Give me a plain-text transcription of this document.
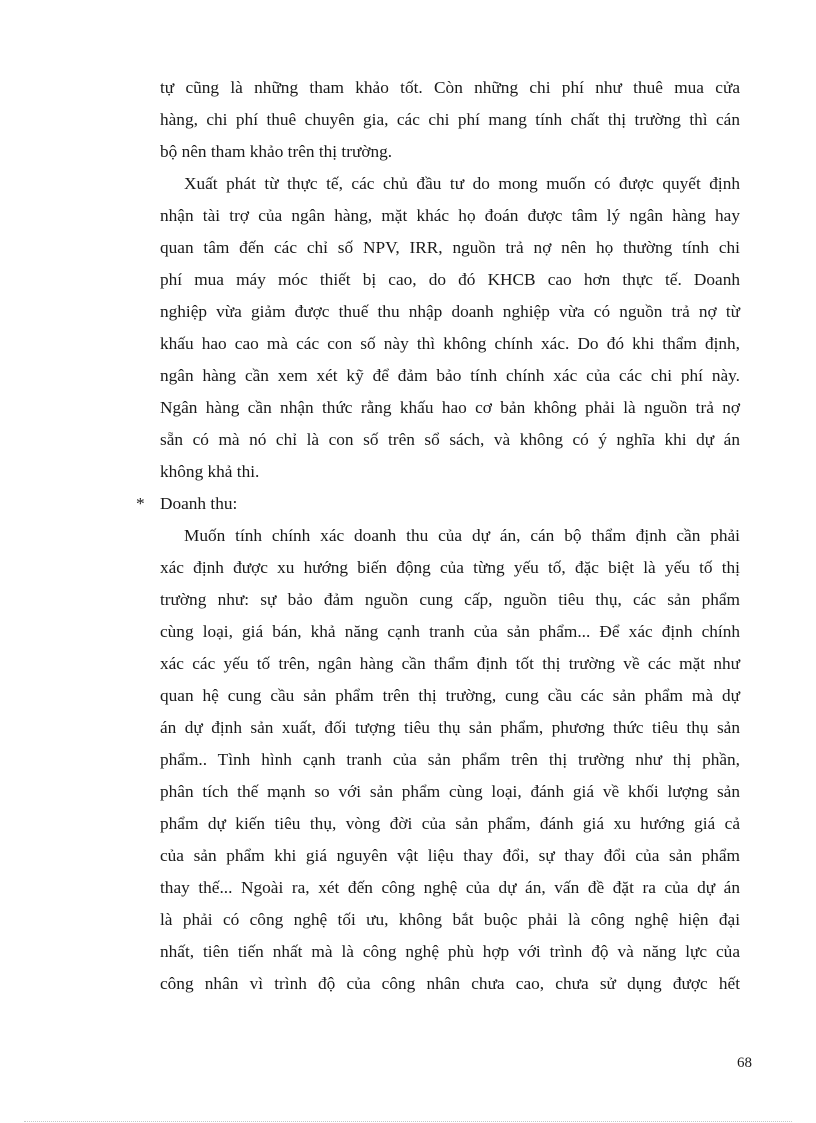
tự cũng là những tham khảo tốt. Còn những chi phí như thuê mua cửa
hàng, chi phí thuê chuyên gia, các chi phí mang tính chất thị trường thì cán
bộ nên tham khảo trên thị trường.
Xuất phát từ thực tế, các chủ đầu tư do mong muốn có được quyết định
nhận tài trợ của ngân hàng, mặt khác họ đoán được tâm lý ngân hàng hay
quan tâm đến các chỉ số NPV, IRR, nguồn trả nợ nên họ thường tính chi
phí mua máy móc thiết bị cao, do đó KHCB cao hơn thực tế. Doanh
nghiệp vừa giảm được thuế thu nhập doanh nghiệp vừa có nguồn trả nợ từ
khấu hao cao mà các con số này thì không chính xác. Do đó khi thẩm định,
ngân hàng cần xem xét kỹ để đảm bảo tính chính xác của các chi phí này.
Ngân hàng cần nhận thức rằng khấu hao cơ bản không phải là nguồn trả nợ
sẵn có mà nó chỉ là con số trên sổ sách, và không có ý nghĩa khi dự án
không khả thi.
* Doanh thu:
Muốn tính chính xác doanh thu của dự án, cán bộ thẩm định cần phải
xác định được xu hướng biến động của từng yếu tố, đặc biệt là yếu tố thị
trường như: sự bảo đảm nguồn cung cấp, nguồn tiêu thụ, các sản phẩm
cùng loại, giá bán, khả năng cạnh tranh của sản phẩm... Để xác định chính
xác các yếu tố trên, ngân hàng cần thẩm định tốt thị trường về các mặt như
quan hệ cung cầu sản phẩm trên thị trường, cung cầu các sản phẩm mà dự
án dự định sản xuất, đối tượng tiêu thụ sản phẩm, phương thức tiêu thụ sản
phẩm.. Tình hình cạnh tranh của sản phẩm trên thị trường như thị phần,
phân tích thế mạnh so với sản phẩm cùng loại, đánh giá về khối lượng sản
phẩm dự kiến tiêu thụ, vòng đời của sản phẩm, đánh giá xu hướng giá cả
của sản phẩm khi giá nguyên vật liệu thay đổi, sự thay đổi của sản phẩm
thay thế... Ngoài ra, xét đến công nghệ của dự án, vấn đề đặt ra của dự án
là phải có công nghệ tối ưu, không bắt buộc phải là công nghệ hiện đại
nhất, tiên tiến nhất mà là công nghệ phù hợp với trình độ và năng lực của
công nhân vì trình độ của công nhân chưa cao, chưa sử dụng được hết
68
